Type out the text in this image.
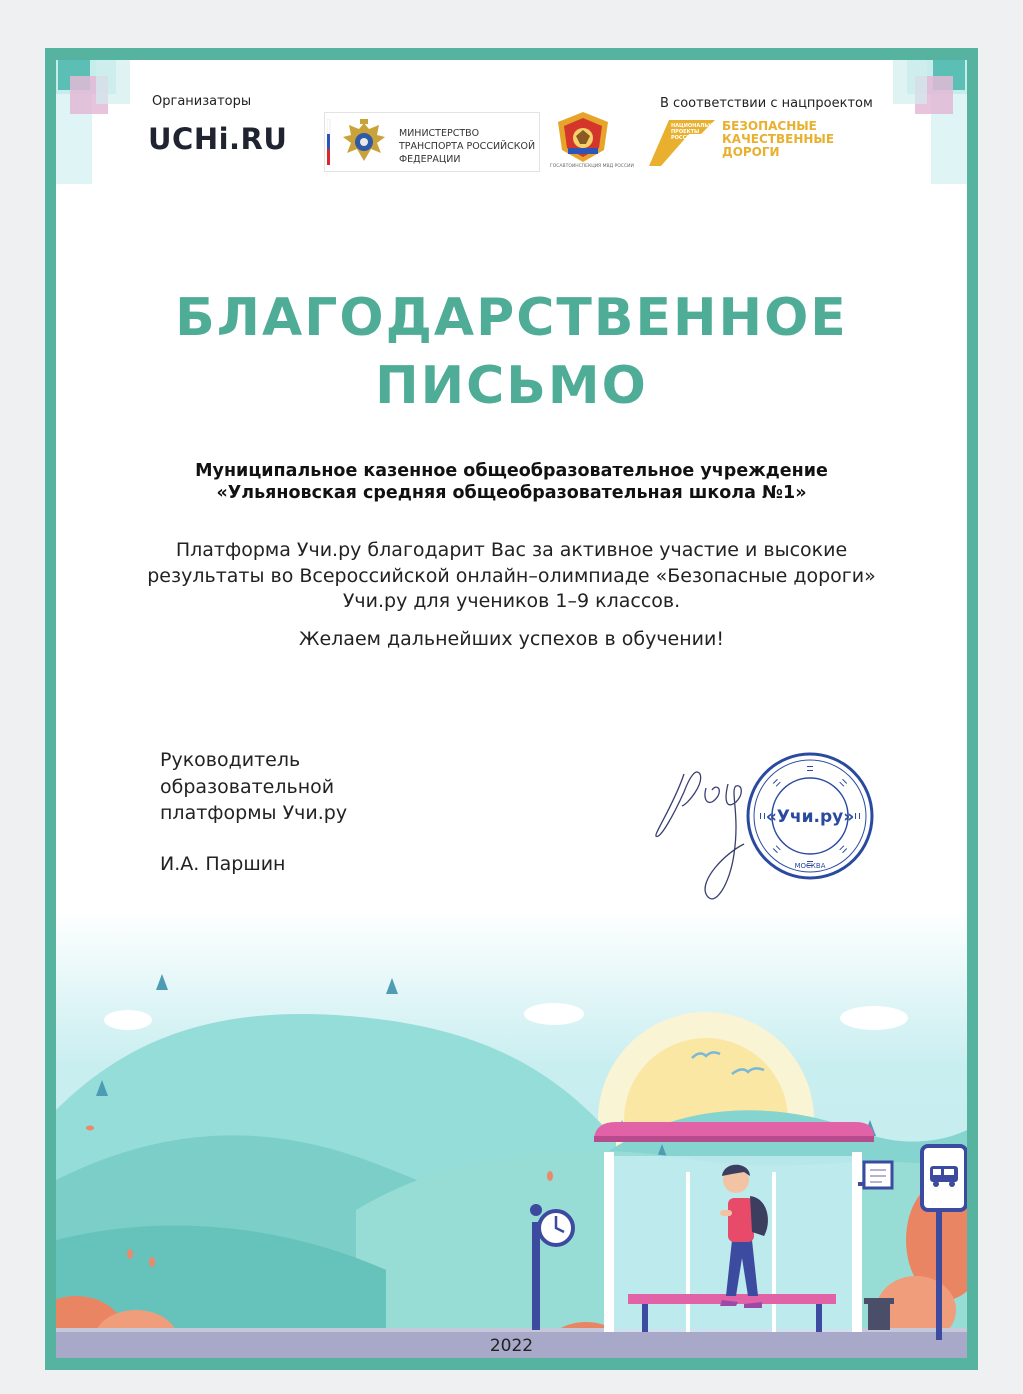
Организаторы
UCHi.RU	МИНИСТЕРСТВО ТРАНСПОРТА РОССИЙСКОЙ ФЕДЕРАЦИИ
ГОСАВТОИНСПЕКЦИЯ МВД РОССИИ
В соответствии с нацпроектом
НАЦИОНАЛЬНЫЕ ПРОЕКТЫ РОССИИ
БЕЗОПАСНЫЕ КАЧЕСТВЕННЫЕ ДОРОГИ
БЛАГОДАРСТВЕННОЕ
ПИСЬМО
Муниципальное казенное общеобразовательное учреждение
«Ульяновская средняя общеобразовательная школа №1»
Платформа Учи.ру благодарит Вас за активное участие и высокие результаты во Всероссийской онлайн–олимпиаде «Безопасные дороги» Учи.ру для учеников 1–9 классов.
Желаем дальнейших успехов в обучении!
Руководитель
образовательной
платформы Учи.ру
И.А. Паршин
«Учи.ру»
МОСКВА
2022
